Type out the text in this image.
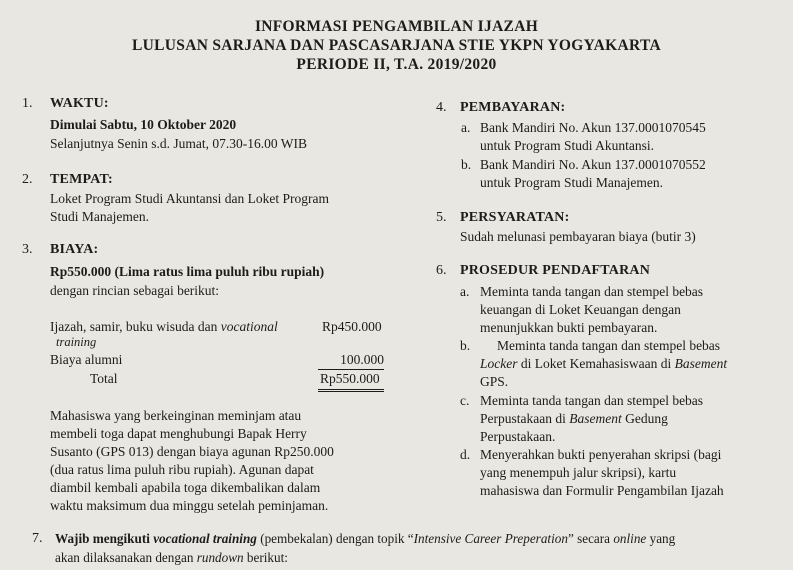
INFORMASI PENGAMBILAN IJAZAH
LULUSAN SARJANA DAN PASCASARJANA STIE YKPN YOGYAKARTA
PERIODE II, T.A. 2019/2020
1. WAKTU:
Dimulai Sabtu, 10 Oktober 2020
Selanjutnya Senin s.d. Jumat, 07.30-16.00 WIB
2. TEMPAT:
Loket Program Studi Akuntansi dan Loket Program
Studi Manajemen.
3. BIAYA:
Rp550.000 (Lima ratus lima puluh ribu rupiah)
dengan rincian sebagai berikut:
Ijazah, samir, buku wisuda dan vocational	Rp450.000
training
Biaya alumni	100.000
Total	Rp550.000
Mahasiswa yang berkeinginan meminjam atau
membeli toga dapat menghubungi Bapak Herry
Susanto (GPS 013) dengan biaya agunan Rp250.000
(dua ratus lima puluh ribu rupiah). Agunan dapat
diambil kembali apabila toga dikembalikan dalam
waktu maksimum dua minggu setelah peminjaman.
4. PEMBAYARAN:
a. Bank Mandiri No. Akun 137.0001070545
untuk Program Studi Akuntansi.
b. Bank Mandiri No. Akun 137.0001070552
untuk Program Studi Manajemen.
5. PERSYARATAN:
Sudah melunasi pembayaran biaya (butir 3)
6. PROSEDUR PENDAFTARAN
a. Meminta tanda tangan dan stempel bebas
keuangan di Loket Keuangan dengan
menunjukkan bukti pembayaran.
b. Meminta tanda tangan dan stempel bebas
Locker di Loket Kemahasiswaan di Basement
GPS.
c. Meminta tanda tangan dan stempel bebas
Perpustakaan di Basement Gedung
Perpustakaan.
d. Menyerahkan bukti penyerahan skripsi (bagi
yang menempuh jalur skripsi), kartu
mahasiswa dan Formulir Pengambilan Ijazah
7. Wajib mengikuti vocational training (pembekalan) dengan topik “Intensive Career Preperation” secara online yang
akan dilaksanakan dengan rundown berikut:
